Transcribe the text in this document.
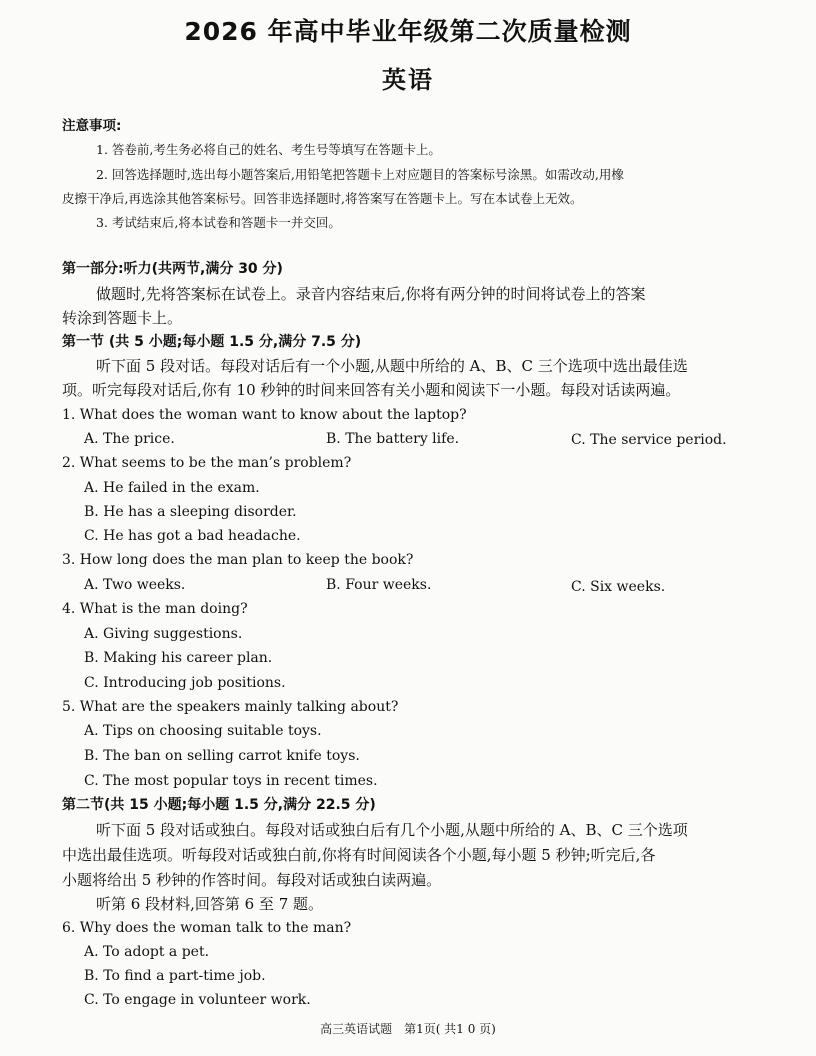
2026 年高中毕业年级第二次质量检测
英语
注意事项:
1. 答卷前,考生务必将自己的姓名、考生号等填写在答题卡上。
2. 回答选择题时,选出每小题答案后,用铅笔把答题卡上对应题目的答案标号涂黑。如需改动,用橡
皮擦干净后,再选涂其他答案标号。回答非选择题时,将答案写在答题卡上。写在本试卷上无效。
3. 考试结束后,将本试卷和答题卡一并交回。
第一部分:听力(共两节,满分 30 分)
做题时,先将答案标在试卷上。录音内容结束后,你将有两分钟的时间将试卷上的答案
转涂到答题卡上。
第一节 (共 5 小题;每小题 1.5 分,满分 7.5 分)
听下面 5 段对话。每段对话后有一个小题,从题中所给的 A、B、C 三个选项中选出最佳选
项。听完每段对话后,你有 10 秒钟的时间来回答有关小题和阅读下一小题。每段对话读两遍。
1. What does the woman want to know about the laptop?
A. The price.	B. The battery life.	C. The service period.
2. What seems to be the man’s problem?
A. He failed in the exam.
B. He has a sleeping disorder.
C. He has got a bad headache.
3. How long does the man plan to keep the book?
A. Two weeks.	B. Four weeks.	C. Six weeks.
4. What is the man doing?
A. Giving suggestions.
B. Making his career plan.
C. Introducing job positions.
5. What are the speakers mainly talking about?
A. Tips on choosing suitable toys.
B. The ban on selling carrot knife toys.
C. The most popular toys in recent times.
第二节(共 15 小题;每小题 1.5 分,满分 22.5 分)
听下面 5 段对话或独白。每段对话或独白后有几个小题,从题中所给的 A、B、C 三个选项
中选出最佳选项。听每段对话或独白前,你将有时间阅读各个小题,每小题 5 秒钟;听完后,各
小题将给出 5 秒钟的作答时间。每段对话或独白读两遍。
听第 6 段材料,回答第 6 至 7 题。
6. Why does the woman talk to the man?
A. To adopt a pet.
B. To find a part-time job.
C. To engage in volunteer work.
高三英语试题　第1页( 共1 0 页)
